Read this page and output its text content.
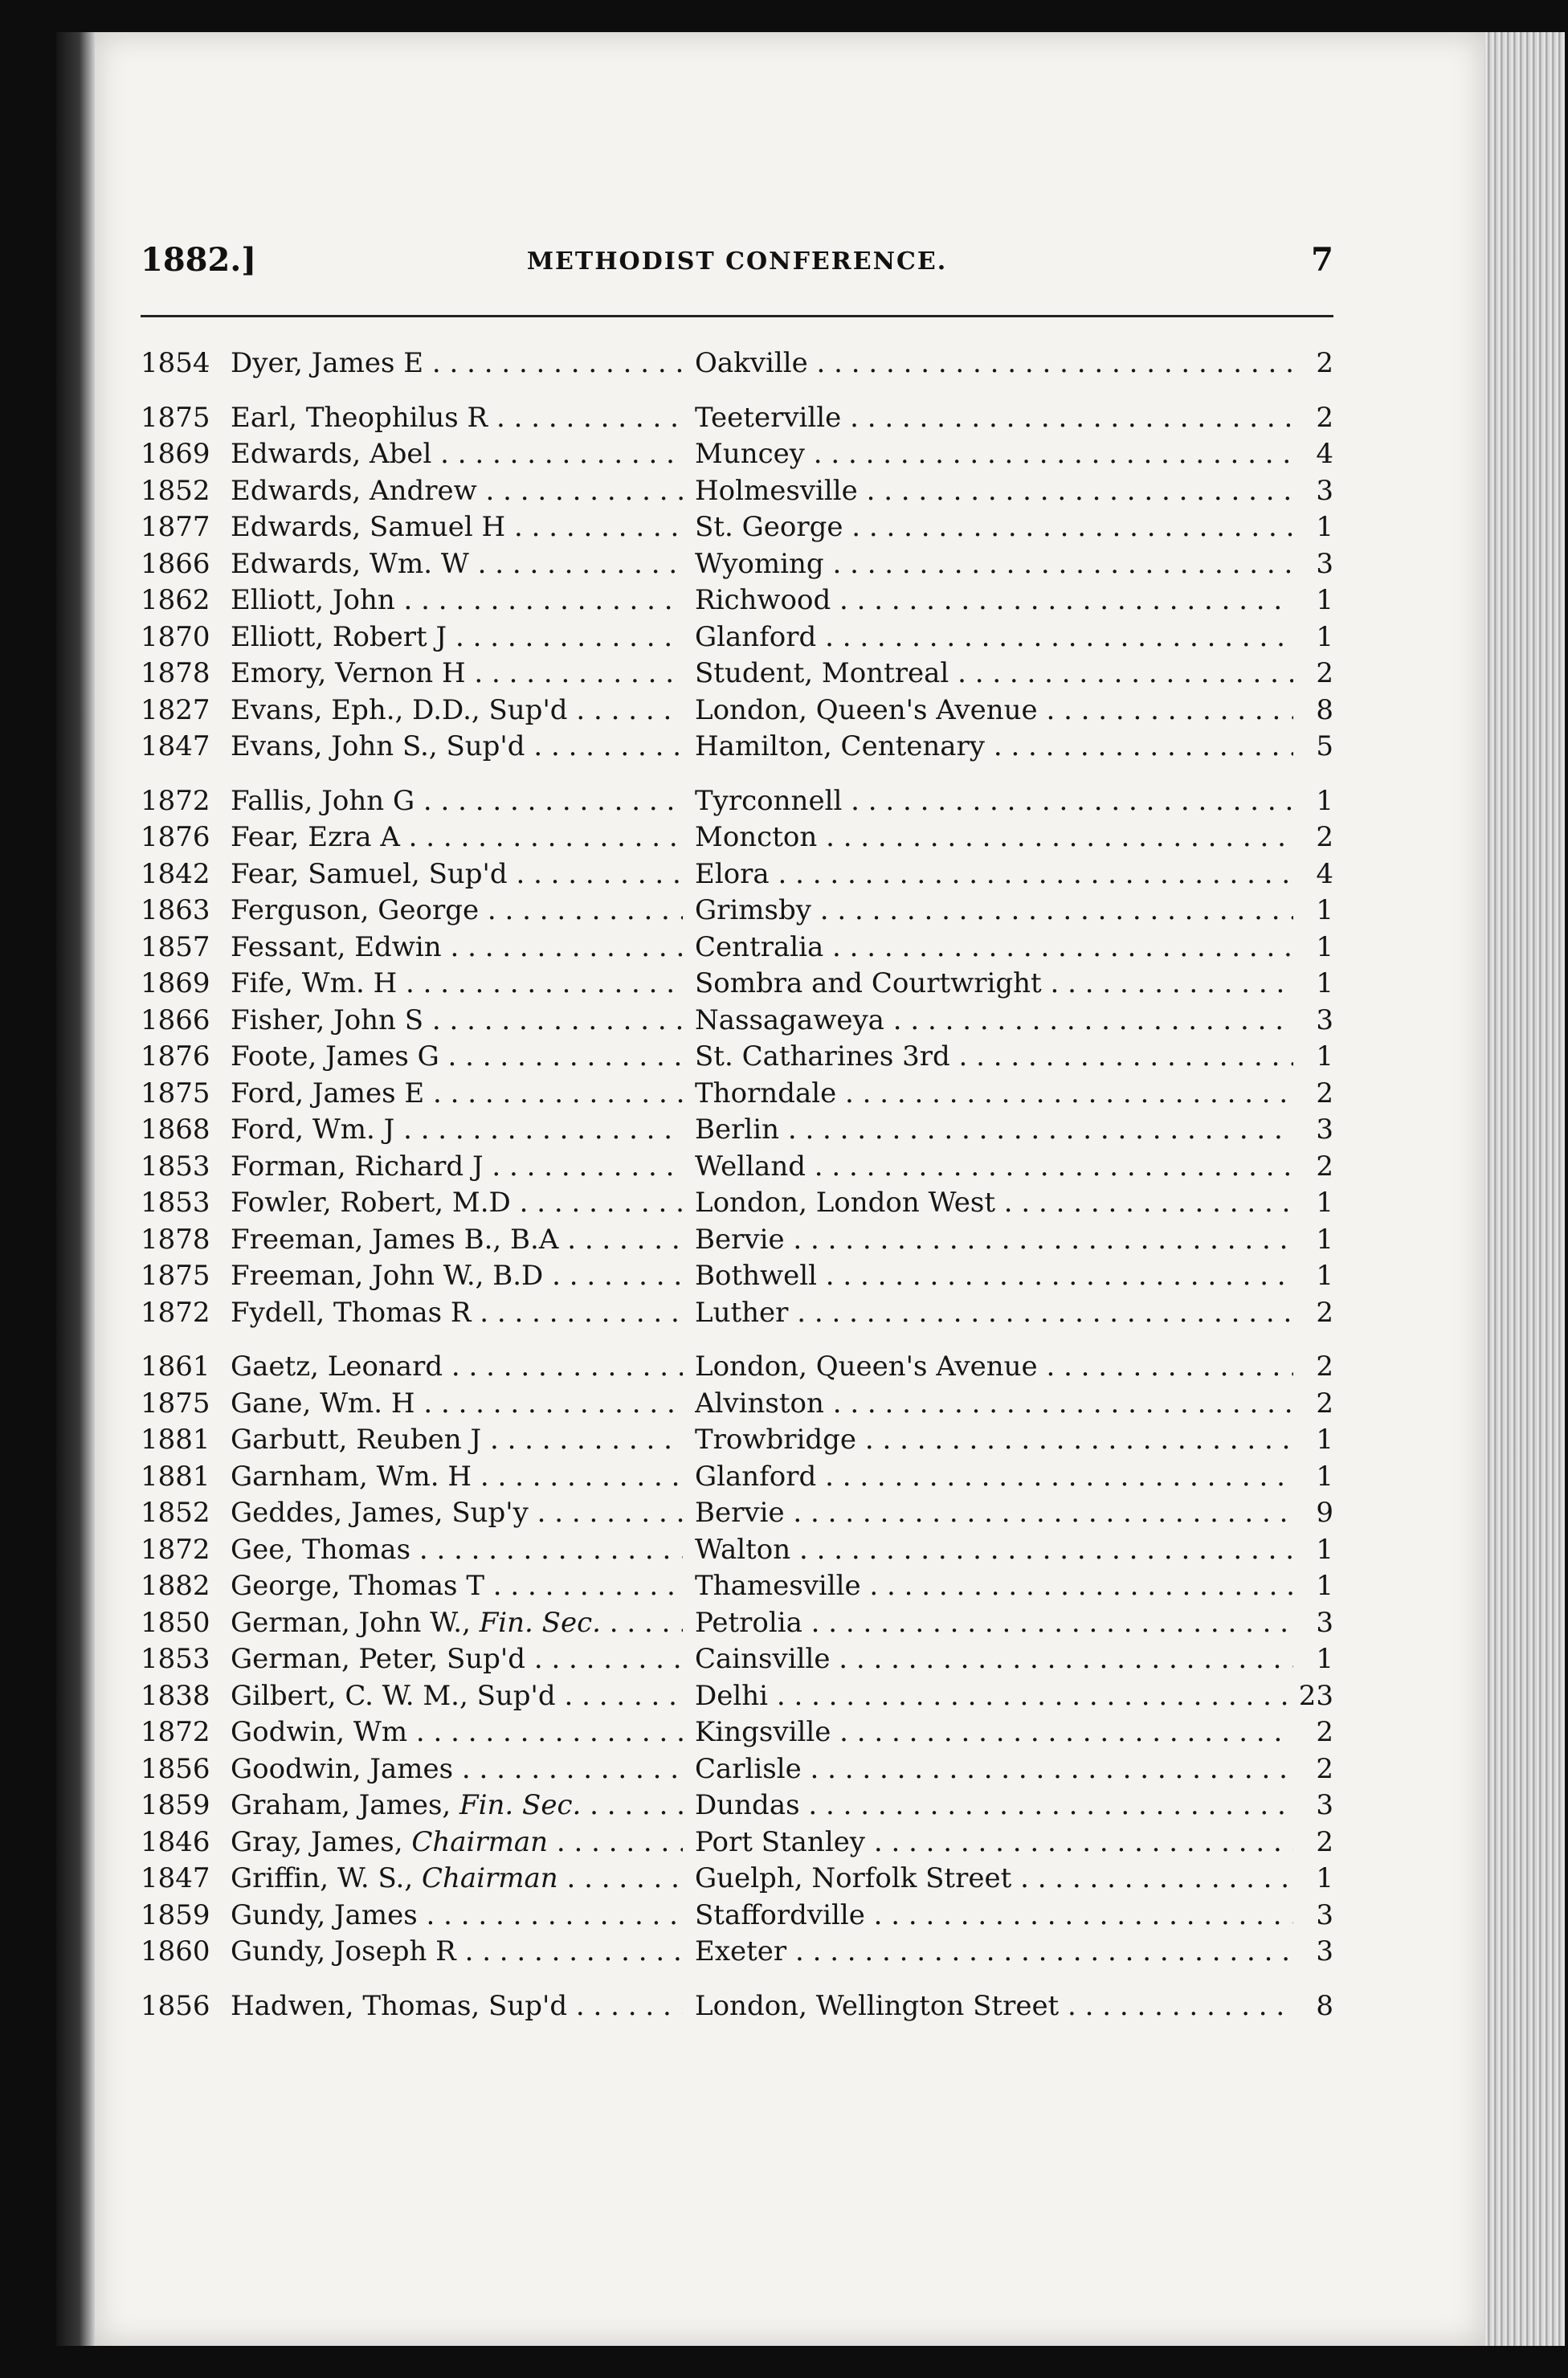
1882.]	METHODIST CONFERENCE.	7
1854 Dyer, James E . . .	Oakville . . .	2
1875 Earl, Theophilus R . . .	Teeterville . . .	2
1869 Edwards, Abel . . .	Muncey . . .	4
1852 Edwards, Andrew . . .	Holmesville . . .	3
1877 Edwards, Samuel H . . .	St. George . . .	1
1866 Edwards, Wm. W . . .	Wyoming . . .	3
1862 Elliott, John . . .	Richwood . . .	1
1870 Elliott, Robert J . . .	Glanford . . .	1
1878 Emory, Vernon H . . .	Student, Montreal . . .	2
1827 Evans, Eph., D.D., Sup'd . . .	London, Queen's Avenue . . .	8
1847 Evans, John S., Sup'd . . .	Hamilton, Centenary . . .	5
1872 Fallis, John G . . .	Tyrconnell . . .	1
1876 Fear, Ezra A . . .	Moncton . . .	2
1842 Fear, Samuel, Sup'd . . .	Elora . . .	4
1863 Ferguson, George . . .	Grimsby . . .	1
1857 Fessant, Edwin . . .	Centralia . . .	1
1869 Fife, Wm. H . . .	Sombra and Courtwright . . .	1
1866 Fisher, John S . . .	Nassagaweya . . .	3
1876 Foote, James G . . .	St. Catharines 3rd . . .	1
1875 Ford, James E . . .	Thorndale . . .	2
1868 Ford, Wm. J . . .	Berlin . . .	3
1853 Forman, Richard J . . .	Welland . . .	2
1853 Fowler, Robert, M.D . . .	London, London West . . .	1
1878 Freeman, James B., B.A . . .	Bervie . . .	1
1875 Freeman, John W., B.D . . .	Bothwell . . .	1
1872 Fydell, Thomas R . . .	Luther . . .	2
1861 Gaetz, Leonard . . .	London, Queen's Avenue . . .	2
1875 Gane, Wm. H . . .	Alvinston . . .	2
1881 Garbutt, Reuben J . . .	Trowbridge . . .	1
1881 Garnham, Wm. H . . .	Glanford . . .	1
1852 Geddes, James, Sup'y . . .	Bervie . . .	9
1872 Gee, Thomas . . .	Walton . . .	1
1882 George, Thomas T . . .	Thamesville . . .	1
1850 German, John W., Fin. Sec. . . .	Petrolia . . .	3
1853 German, Peter, Sup'd . . .	Cainsville . . .	1
1838 Gilbert, C. W. M., Sup'd . . .	Delhi . . .	23
1872 Godwin, Wm . . .	Kingsville . . .	2
1856 Goodwin, James . . .	Carlisle . . .	2
1859 Graham, James, Fin. Sec. . . .	Dundas . . .	3
1846 Gray, James, Chairman . . .	Port Stanley . . .	2
1847 Griffin, W. S., Chairman . . .	Guelph, Norfolk Street . . .	1
1859 Gundy, James . . .	Staffordville . . .	3
1860 Gundy, Joseph R . . .	Exeter . . .	3
1856 Hadwen, Thomas, Sup'd . . .	London, Wellington Street . . .	8
